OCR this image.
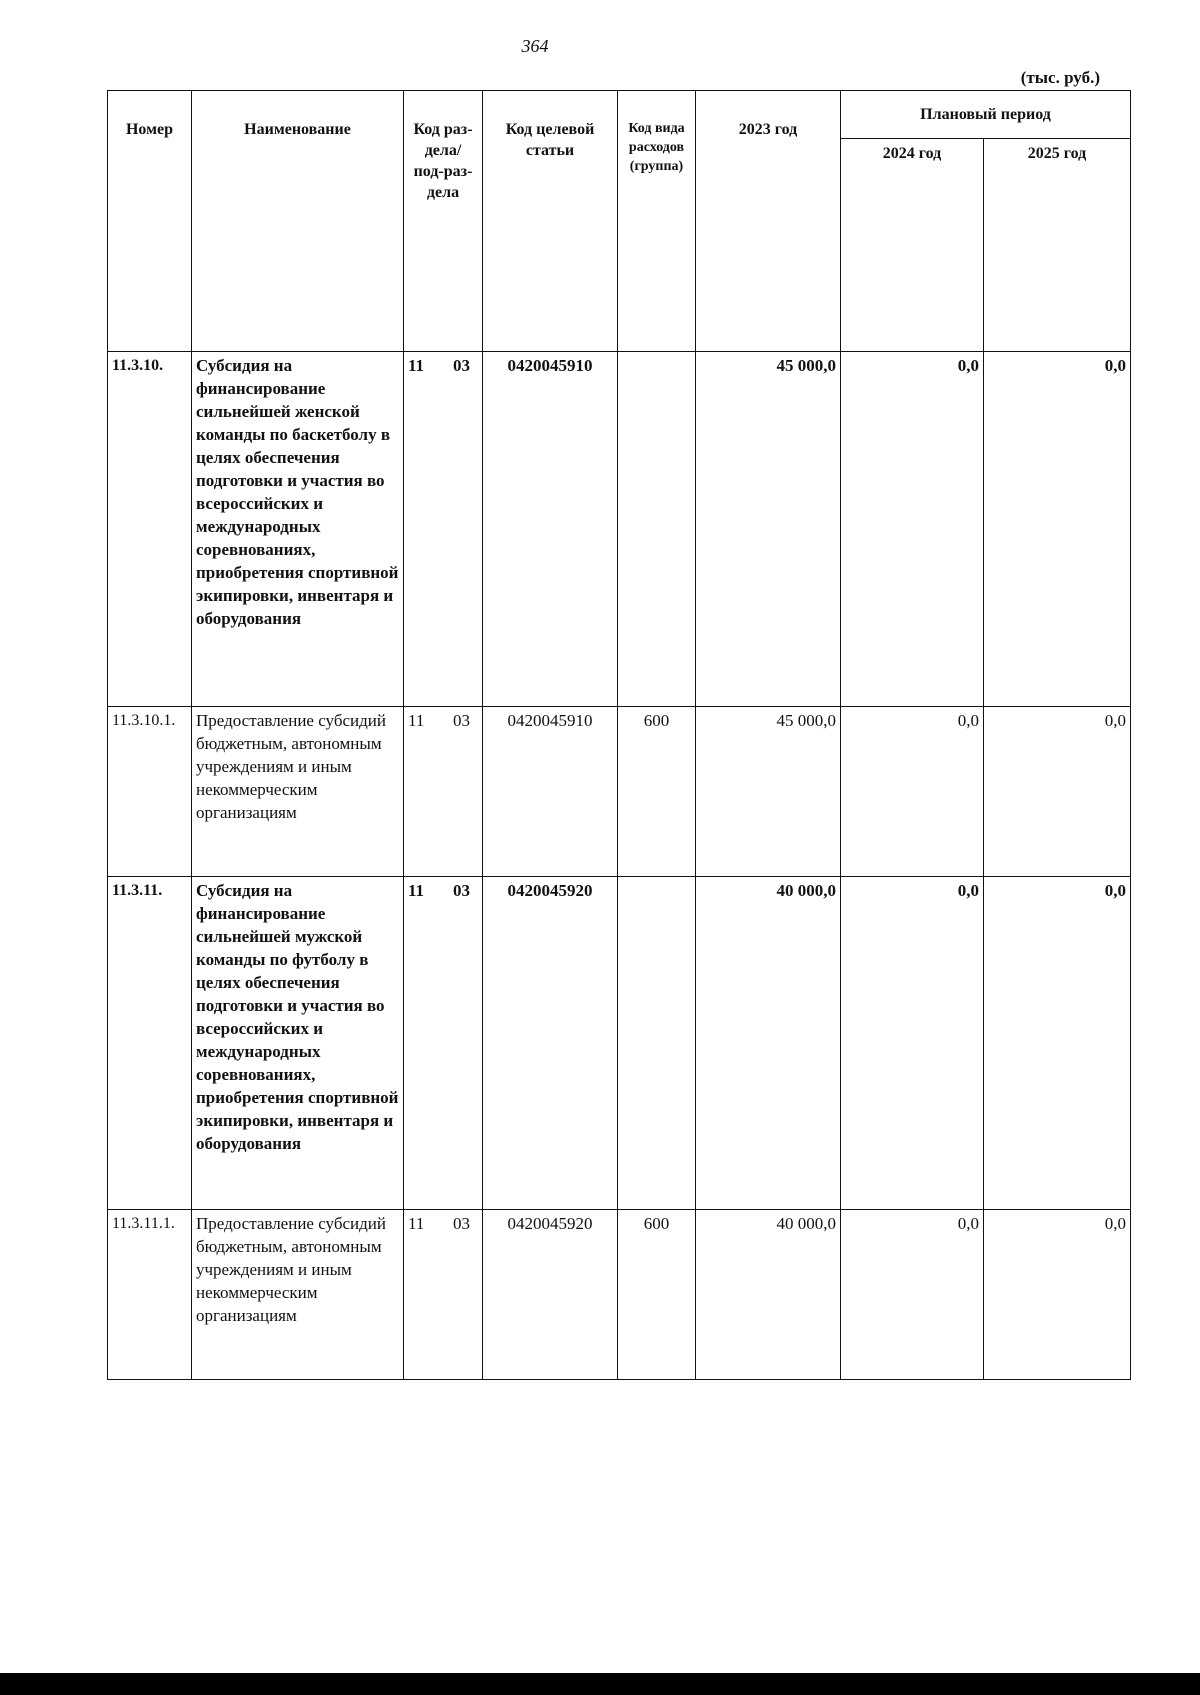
364
(тыс. руб.)
Номер	Наименование	Код раз-дела/ под-раз-дела	Код целевой статьи	Код вида расходов (группа)	2023 год	Плановый период	
						2024 год	2025 год
11.3.10.	Субсидия на финансирование сильнейшей женской команды по баскетболу в целях обеспечения подготовки и участия во всероссийских и международных соревнованиях, приобретения спортивной экипировки, инвентаря и оборудования	11 03	0420045910		45 000,0	0,0	0,0
11.3.10.1.	Предоставление субсидий бюджетным, автономным учреждениям и иным некоммерческим организациям	11 03	0420045910	600	45 000,0	0,0	0,0
11.3.11.	Субсидия на финансирование сильнейшей мужской команды по футболу в целях обеспечения подготовки и участия во всероссийских и международных соревнованиях, приобретения спортивной экипировки, инвентаря и оборудования	11 03	0420045920		40 000,0	0,0	0,0
11.3.11.1.	Предоставление субсидий бюджетным, автономным учреждениям и иным некоммерческим организациям	11 03	0420045920	600	40 000,0	0,0	0,0
